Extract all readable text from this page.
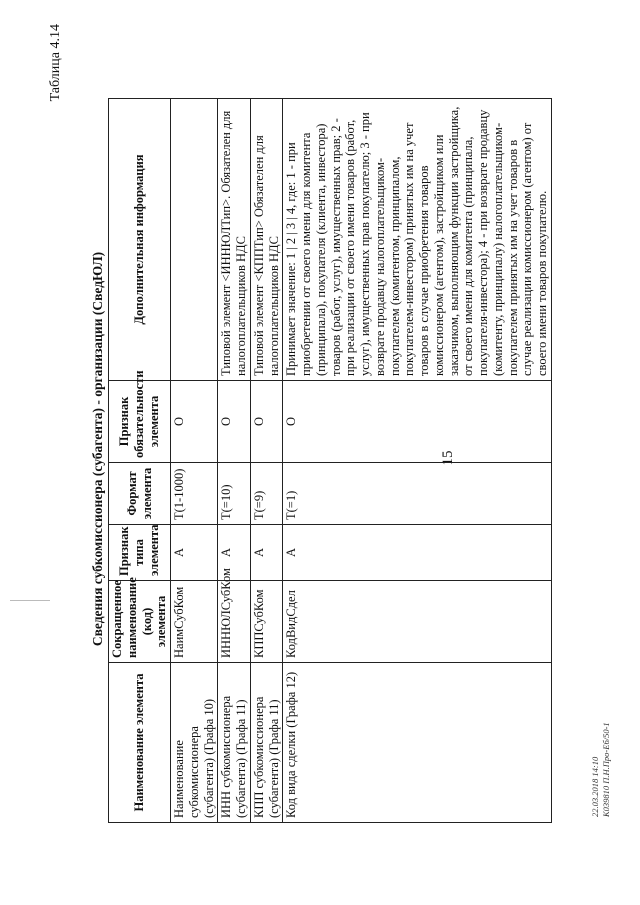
15
Таблица 4.14
Сведения субкомиссионера (субагента) - организации (СведЮЛ)
Наименование элемента	Сокращенное наименование (код) элемента	Признак типа элемента	Формат элемента	Признак обязательности элемента	Дополнительная информация
Наименование субкомиссионера (субагента) (Графа 10)	НаимСубКом	А	T(1-1000)	О	
ИНН субкомиссионера (субагента) (Графа 11)	ИННЮЛСубКом	А	T(=10)	О	Типовой элемент <ИННЮЛТип>. Обязателен для налогоплательщиков НДС
КПП субкомиссионера (субагента) (Графа 11)	КППСубКом	А	T(=9)	О	Типовой элемент <КППТип> Обязателен для налогоплательщиков НДС
Код вида сделки (Графа 12)	КодВидСдел	А	T(=1)	О	Принимает значение: 1 | 2 | 3 | 4, где: 1 - при приобретении от своего имени для комитента (принципала), покупателя (клиента, инвестора) товаров (работ, услуг), имущественных прав; 2 - при реализации от своего имени товаров (работ, услуг), имущественных прав покупателю; 3 - при возврате продавцу налогоплательщиком-покупателем (комитентом, принципалом, покупателем-инвестором) принятых им на учет товаров в случае приобретения товаров комиссионером (агентом), застройщиком или заказчиком, выполняющим функции застройщика, от своего имени для комитента (принципала, покупателя-инвестора); 4 - при возврате продавцу (комитенту, принципалу) налогоплательщиком-покупателем принятых им на учет товаров в случае реализации комиссионером (агентом) от своего имени товаров покупателю.
22.03.2018 14:10 К039810 П.Н.Про-Еб/50-1
